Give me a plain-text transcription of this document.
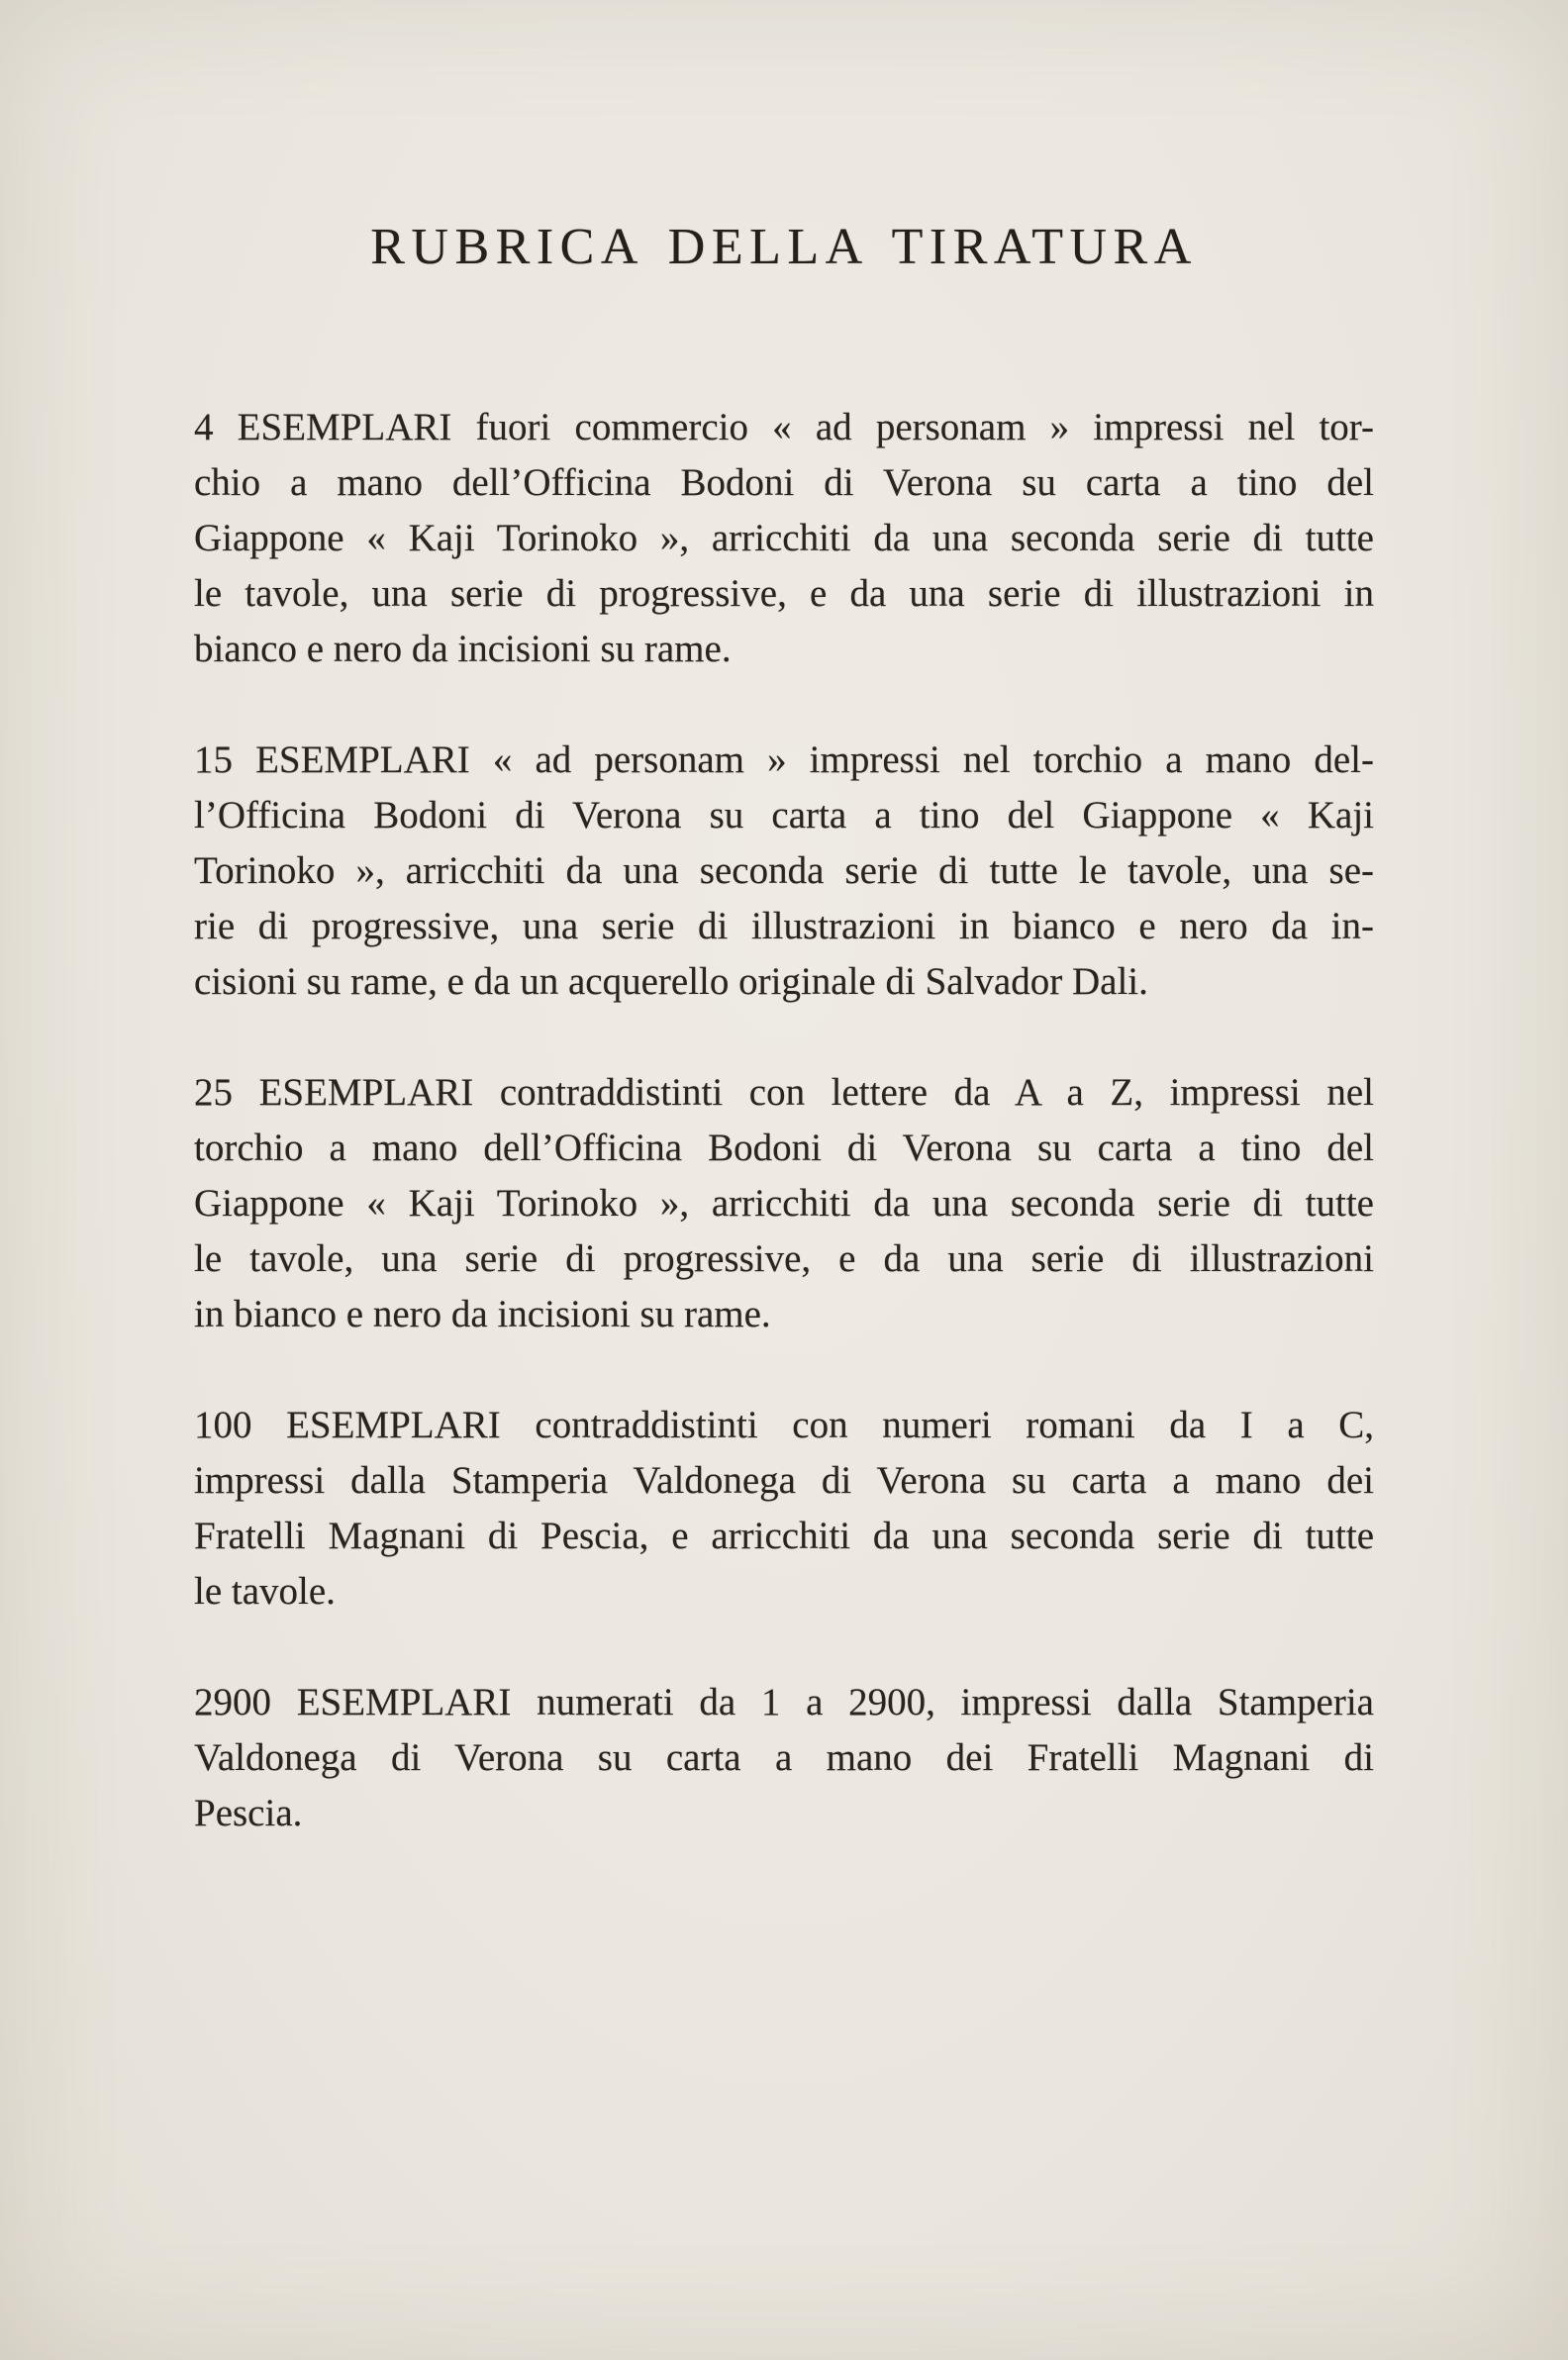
RUBRICA DELLA TIRATURA

4 ESEMPLARI fuori commercio « ad personam » impressi nel tor-
chio a mano dell’Officina Bodoni di Verona su carta a tino del
Giappone « Kaji Torinoko », arricchiti da una seconda serie di tutte
le tavole, una serie di progressive, e da una serie di illustrazioni in
bianco e nero da incisioni su rame.

15 ESEMPLARI « ad personam » impressi nel torchio a mano del-
l’Officina Bodoni di Verona su carta a tino del Giappone « Kaji
Torinoko », arricchiti da una seconda serie di tutte le tavole, una se-
rie di progressive, una serie di illustrazioni in bianco e nero da in-
cisioni su rame, e da un acquerello originale di Salvador Dali.

25 ESEMPLARI contraddistinti con lettere da A a Z, impressi nel
torchio a mano dell’Officina Bodoni di Verona su carta a tino del
Giappone « Kaji Torinoko », arricchiti da una seconda serie di tutte
le tavole, una serie di progressive, e da una serie di illustrazioni
in bianco e nero da incisioni su rame.

100 ESEMPLARI contraddistinti con numeri romani da I a C,
impressi dalla Stamperia Valdonega di Verona su carta a mano dei
Fratelli Magnani di Pescia, e arricchiti da una seconda serie di tutte
le tavole.

2900 ESEMPLARI numerati da 1 a 2900, impressi dalla Stamperia
Valdonega di Verona su carta a mano dei Fratelli Magnani di
Pescia.
